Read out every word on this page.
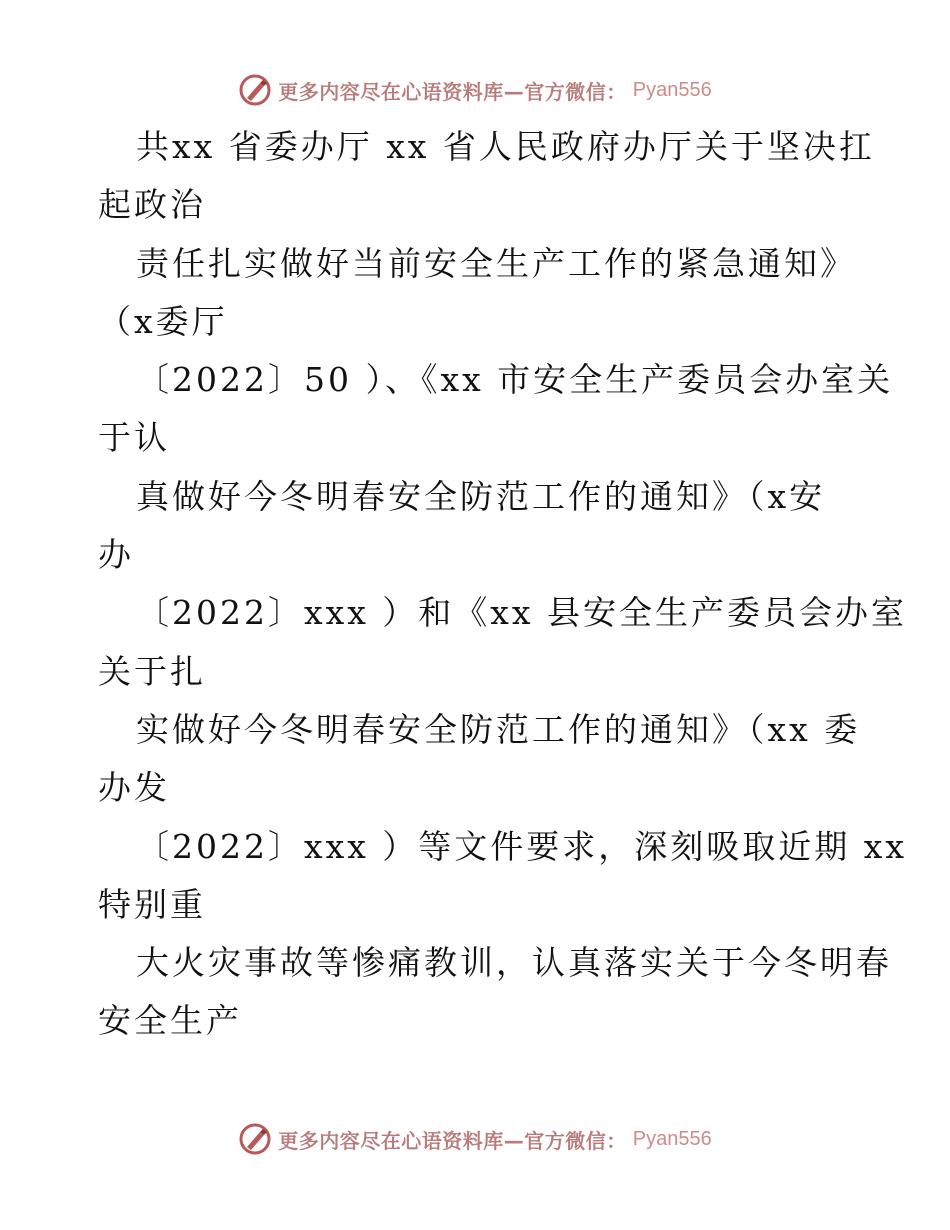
更多内容尽在心语资料库—官方微信： Pyan556
共xx 省委办厅 xx 省人民政府办厅关于坚决扛
起政治
责任扎实做好当前安全生产工作的紧急通知》
（x委厅
〔2022〕50 ）、《xx 市安全生产委员会办室关
于认
真做好今冬明春安全防范工作的通知》（x安
办
〔2022〕xxx ）和《xx 县安全生产委员会办室
关于扎
实做好今冬明春安全防范工作的通知》（xx 委
办发
〔2022〕xxx ）等文件要求，深刻吸取近期 xx
特别重
大火灾事故等惨痛教训，认真落实关于今冬明春
安全生产
更多内容尽在心语资料库—官方微信： Pyan556
